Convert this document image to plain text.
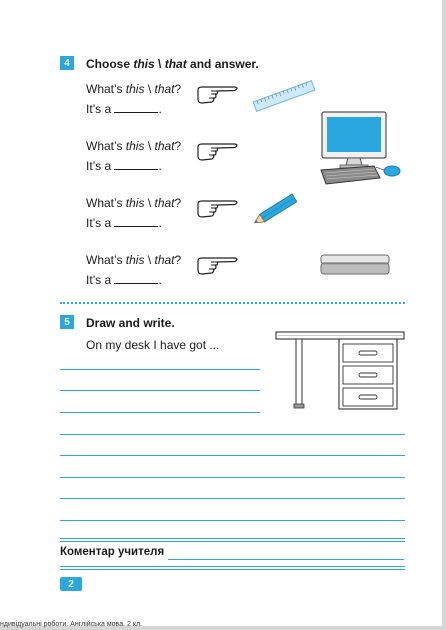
4 Choose this \ that and answer.
What’s this \ that?
It’s a	.
What’s this \ that?
It’s a	.
What’s this \ that?
It’s a	.
What’s this \ that?
It’s a	.
5 Draw and write.
On my desk I have got ...
Коментар учителя
2
ндивідуальні роботи. Англійська мова. 2 кл.
